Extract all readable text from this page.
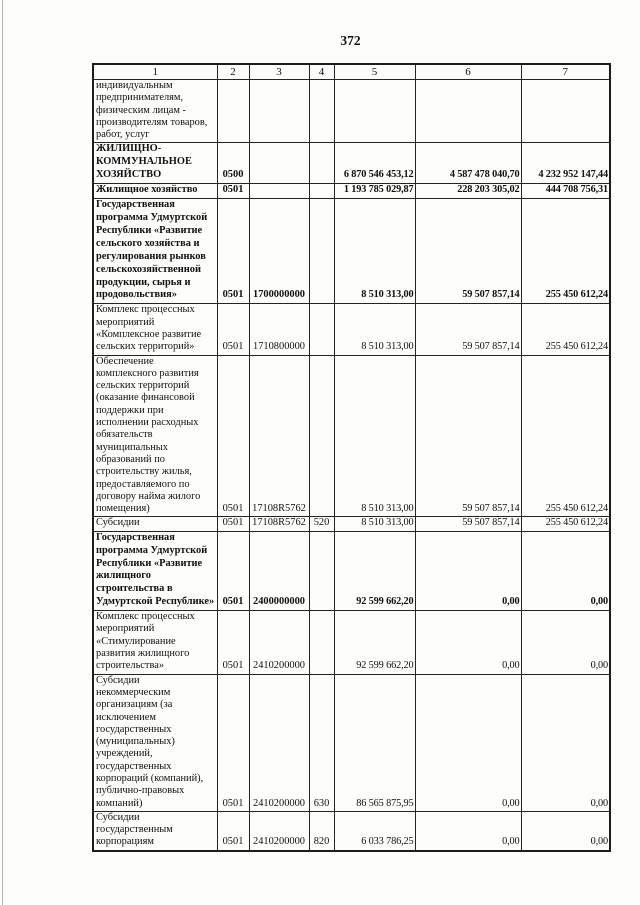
372
1	2	3	4	5	6	7
индивидуальным предпринимателям, физическим лицам - производителям товаров, работ, услуг						
ЖИЛИЩНО-КОММУНАЛЬНОЕ ХОЗЯЙСТВО	0500			6 870 546 453,12	4 587 478 040,70	4 232 952 147,44
Жилищное хозяйство	0501			1 193 785 029,87	228 203 305,02	444 708 756,31
Государственная программа Удмуртской Республики «Развитие сельского хозяйства и регулирования рынков сельскохозяйственной продукции, сырья и продовольствия»	0501	1700000000		8 510 313,00	59 507 857,14	255 450 612,24
Комплекс процессных мероприятий «Комплексное развитие сельских территорий»	0501	1710800000		8 510 313,00	59 507 857,14	255 450 612,24
Обеспечение комплексного развития сельских территорий (оказание финансовой поддержки при исполнении расходных обязательств муниципальных образований по строительству жилья, предоставляемого по договору найма жилого помещения)	0501	17108R5762		8 510 313,00	59 507 857,14	255 450 612,24
Субсидии	0501	17108R5762	520	8 510 313,00	59 507 857,14	255 450 612,24
Государственная программа Удмуртской Республики «Развитие жилищного строительства в Удмуртской Республике»	0501	2400000000		92 599 662,20	0,00	0,00
Комплекс процессных мероприятий «Стимулирование развития жилищного строительства»	0501	2410200000		92 599 662,20	0,00	0,00
Субсидии некоммерческим организациям (за исключением государственных (муниципальных) учреждений, государственных корпораций (компаний), публично-правовых компаний)	0501	2410200000	630	86 565 875,95	0,00	0,00
Субсидии государственным корпорациям	0501	2410200000	820	6 033 786,25	0,00	0,00
